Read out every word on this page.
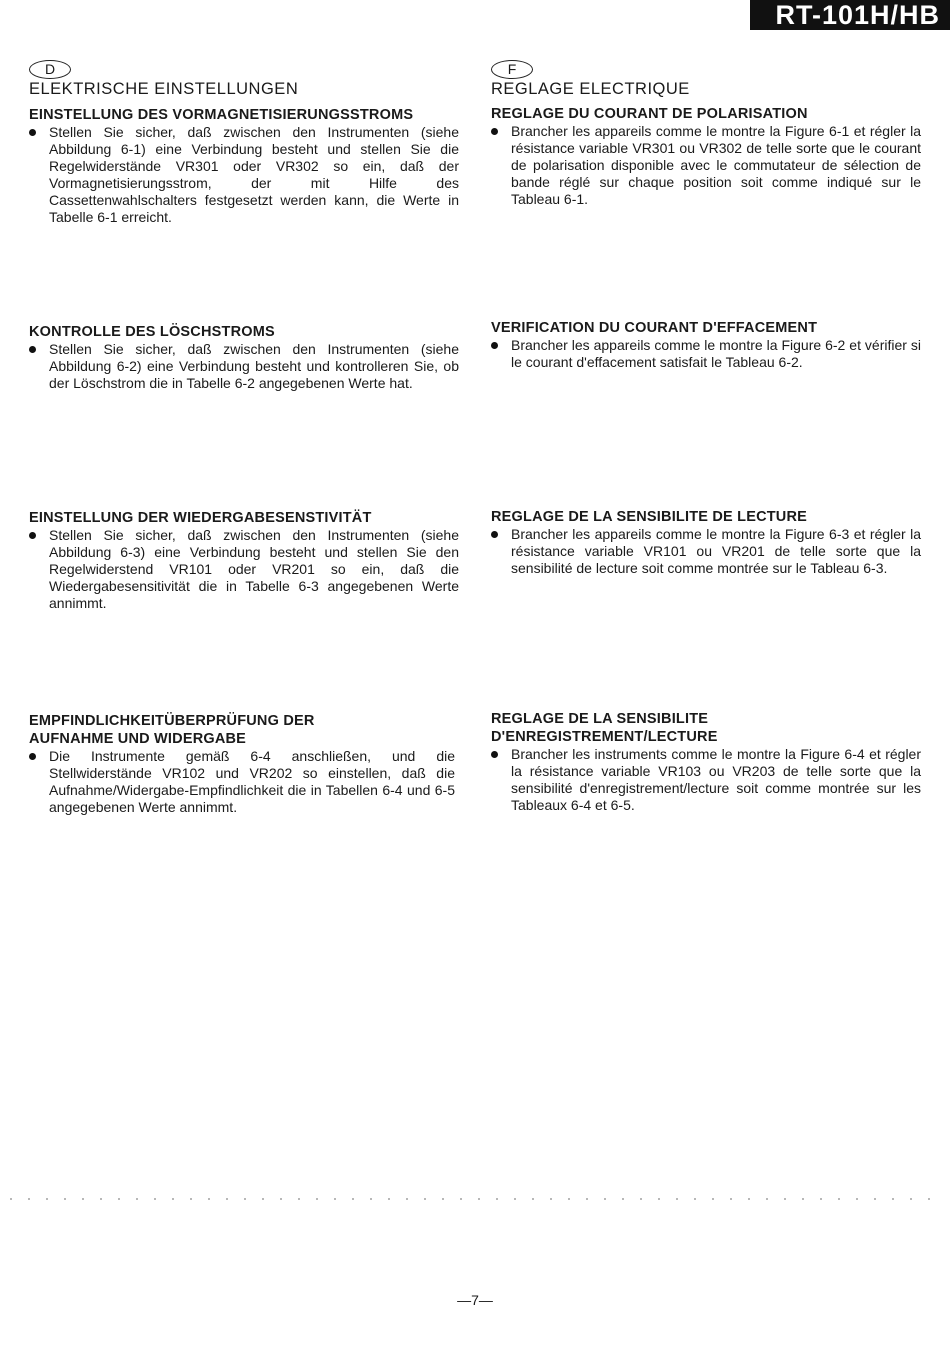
RT-101H/HB
D
ELEKTRISCHE EINSTELLUNGEN
EINSTELLUNG DES VORMAGNETISIERUNGSSTROMS

Stellen Sie sicher, daß zwischen den Instrumenten (siehe Abbildung 6-1) eine Verbindung besteht und stellen Sie die Regelwiderstände VR301 oder VR302 so ein, daß der Vormagnetisierungsstrom, der mit Hilfe des Cassettenwahlschalters festgesetzt werden kann, die Werte in Tabelle 6-1 erreicht.

KONTROLLE DES LÖSCHSTROMS

Stellen Sie sicher, daß zwischen den Instrumenten (siehe Abbildung 6-2) eine Verbindung besteht und kontrolleren Sie, ob der Löschstrom die in Tabelle 6-2 angegebenen Werte hat.

EINSTELLUNG DER WIEDERGABESENSTIVITÄT

Stellen Sie sicher, daß zwischen den Instrumenten (siehe Abbildung 6-3) eine Verbindung besteht und stellen Sie den Regelwiderstend VR101 oder VR201 so ein, daß die Wiedergabesensitivität die in Tabelle 6-3 angegebenen Werte annimmt.

EMPFINDLICHKEITÜBERPRÜFUNG DER AUFNAHME UND WIDERGABE

Die Instrumente gemäß 6-4 anschließen, und die Stellwiderstände VR102 und VR202 so einstellen, daß die Aufnahme/Widergabe-Empfindlichkeit die in Tabellen 6-4 und 6-5 angegebenen Werte annimmt.

F
REGLAGE ELECTRIQUE
REGLAGE DU COURANT DE POLARISATION

Brancher les appareils comme le montre la Figure 6-1 et régler la résistance variable VR301 ou VR302 de telle sorte que le courant de polarisation disponible avec le commutateur de sélection de bande réglé sur chaque position soit comme indiqué sur le Tableau 6-1.

VERIFICATION DU COURANT D'EFFACEMENT

Brancher les appareils comme le montre la Figure 6-2 et vérifier si le courant d'effacement satisfait le Tableau 6-2.

REGLAGE DE LA SENSIBILITE DE LECTURE

Brancher les appareils comme le montre la Figure 6-3 et régler la résistance variable VR101 ou VR201 de telle sorte que la sensibilité de lecture soit comme montrée sur le Tableau 6-3.

REGLAGE DE LA SENSIBILITE D'ENREGISTREMENT/LECTURE

Brancher les instruments comme le montre la Figure 6-4 et régler la résistance variable VR103 ou VR203 de telle sorte que la sensibilité d'enregistrement/lecture soit comme montrée sur les Tableaux 6-4 et 6-5.

—7—
